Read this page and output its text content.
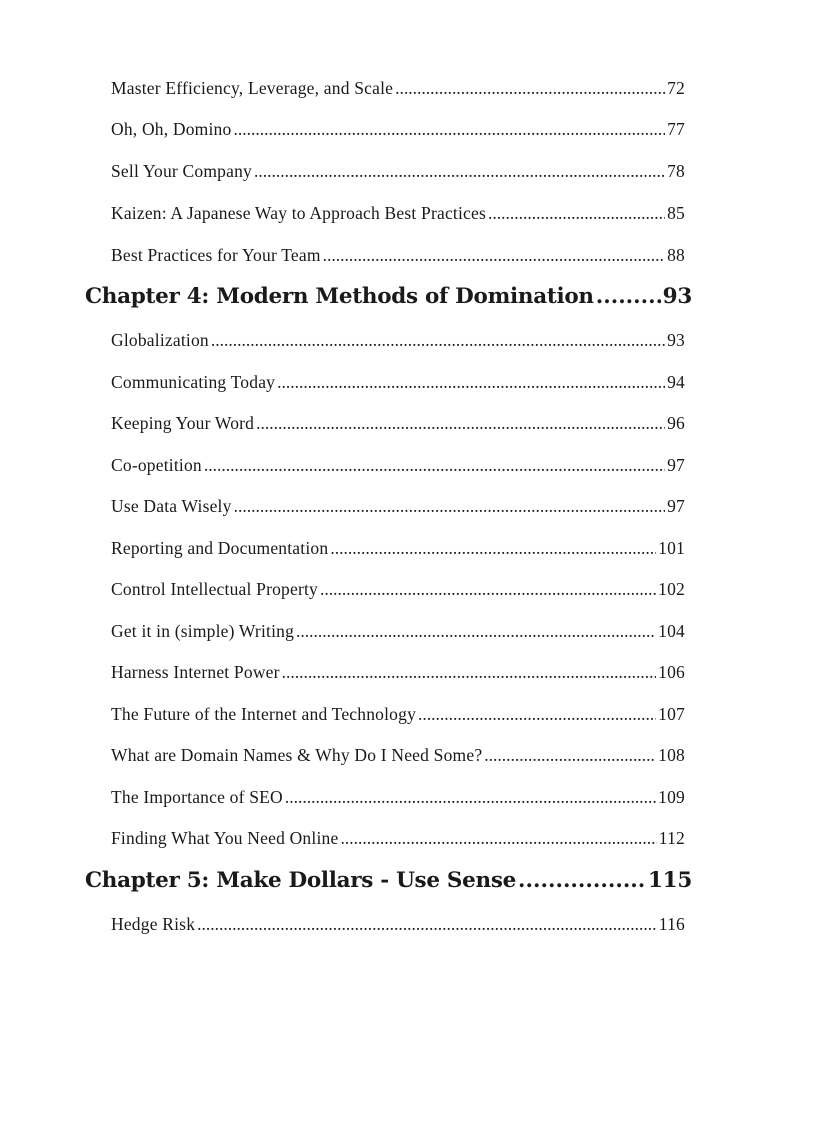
Master Efficiency, Leverage, and Scale .....	72
Oh, Oh, Domino .....	77
Sell Your Company .....	78
Kaizen: A Japanese Way to Approach Best Practices .....	85
Best Practices for Your Team .....	88
Chapter 4: Modern Methods of Domination .....	93
Globalization .....	93
Communicating Today .....	94
Keeping Your Word .....	96
Co-opetition .....	97
Use Data Wisely .....	97
Reporting and Documentation .....	101
Control Intellectual Property .....	102
Get it in (simple) Writing .....	104
Harness Internet Power .....	106
The Future of the Internet and Technology .....	107
What are Domain Names & Why Do I Need Some? .....	108
The Importance of SEO .....	109
Finding What You Need Online .....	112
Chapter 5: Make Dollars - Use Sense .....	115
Hedge Risk .....	116
